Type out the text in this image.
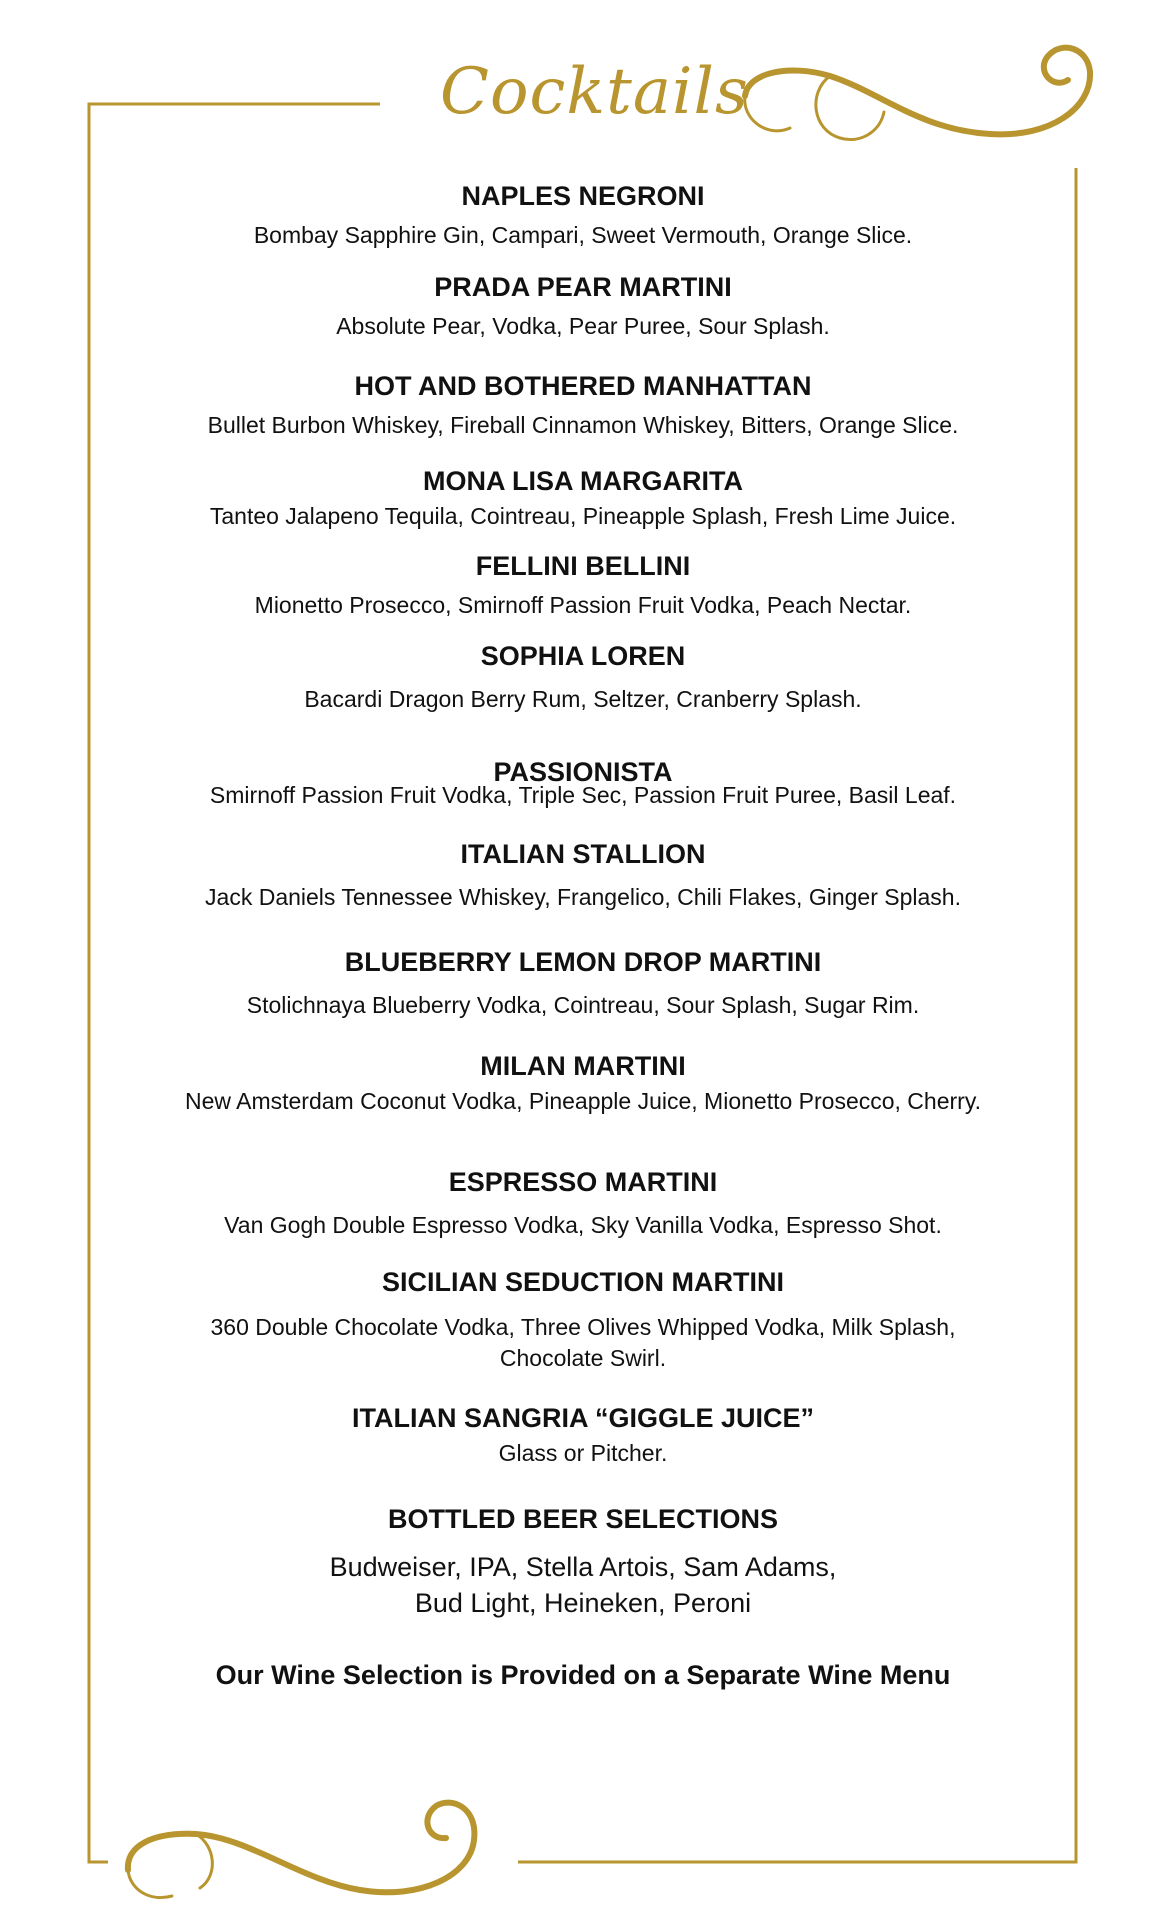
Cocktails
NAPLES NEGRONI
Bombay Sapphire Gin, Campari, Sweet Vermouth, Orange Slice.
PRADA PEAR MARTINI
Absolute Pear, Vodka, Pear Puree, Sour Splash.
HOT AND BOTHERED MANHATTAN
Bullet Burbon Whiskey, Fireball Cinnamon Whiskey, Bitters, Orange Slice.
MONA LISA MARGARITA
Tanteo Jalapeno Tequila, Cointreau, Pineapple Splash, Fresh Lime Juice.
FELLINI BELLINI
Mionetto Prosecco, Smirnoff Passion Fruit Vodka, Peach Nectar.
SOPHIA LOREN
Bacardi Dragon Berry Rum, Seltzer, Cranberry Splash.
PASSIONISTA
Smirnoff Passion Fruit Vodka, Triple Sec, Passion Fruit Puree, Basil Leaf.
ITALIAN STALLION
Jack Daniels Tennessee Whiskey, Frangelico, Chili Flakes, Ginger Splash.
BLUEBERRY LEMON DROP MARTINI
Stolichnaya Blueberry Vodka, Cointreau, Sour Splash, Sugar Rim.
MILAN MARTINI
New Amsterdam Coconut Vodka, Pineapple Juice, Mionetto Prosecco, Cherry.
ESPRESSO MARTINI
Van Gogh Double Espresso Vodka, Sky Vanilla Vodka, Espresso Shot.
SICILIAN SEDUCTION MARTINI
360 Double Chocolate Vodka, Three Olives Whipped Vodka, Milk Splash,
Chocolate Swirl.
ITALIAN SANGRIA “GIGGLE JUICE”
Glass or Pitcher.
BOTTLED BEER SELECTIONS
Budweiser, IPA, Stella Artois, Sam Adams,
Bud Light, Heineken, Peroni
Our Wine Selection is Provided on a Separate Wine Menu
